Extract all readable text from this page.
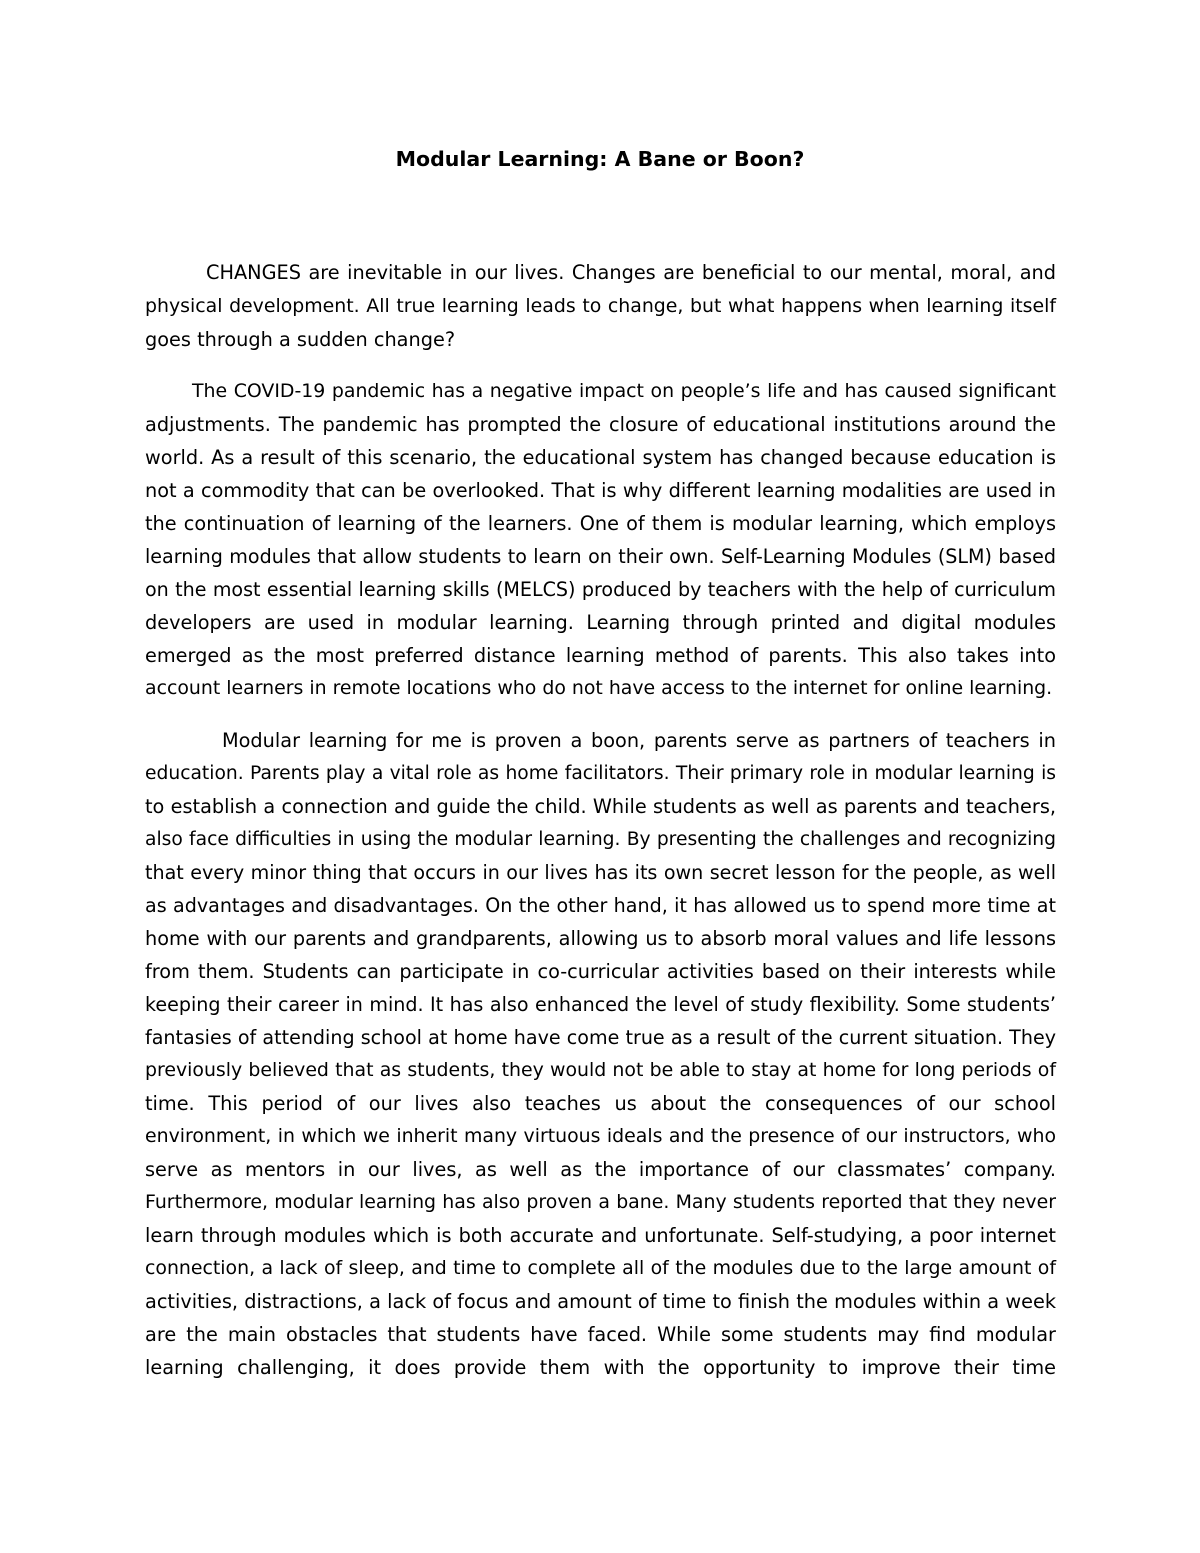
Modular Learning: A Bane or Boon?

CHANGES are inevitable in our lives. Changes are beneficial to our mental, moral, and

physical development. All true learning leads to change, but what happens when learning itself

goes through a sudden change?

The COVID-19 pandemic has a negative impact on people’s life and has caused significant

adjustments. The pandemic has prompted the closure of educational institutions around the

world. As a result of this scenario, the educational system has changed because education is

not a commodity that can be overlooked. That is why different learning modalities are used in

the continuation of learning of the learners. One of them is modular learning, which employs

learning modules that allow students to learn on their own. Self-Learning Modules (SLM) based

on the most essential learning skills (MELCS) produced by teachers with the help of curriculum

developers are used in modular learning. Learning through printed and digital modules

emerged as the most preferred distance learning method of parents. This also takes into

account learners in remote locations who do not have access to the internet for online learning.

Modular learning for me is proven a boon, parents serve as partners of teachers in

education. Parents play a vital role as home facilitators. Their primary role in modular learning is

to establish a connection and guide the child. While students as well as parents and teachers,

also face difficulties in using the modular learning. By presenting the challenges and recognizing

that every minor thing that occurs in our lives has its own secret lesson for the people, as well

as advantages and disadvantages. On the other hand, it has allowed us to spend more time at

home with our parents and grandparents, allowing us to absorb moral values and life lessons

from them. Students can participate in co-curricular activities based on their interests while

keeping their career in mind. It has also enhanced the level of study flexibility. Some students’

fantasies of attending school at home have come true as a result of the current situation. They

previously believed that as students, they would not be able to stay at home for long periods of

time. This period of our lives also teaches us about the consequences of our school

environment, in which we inherit many virtuous ideals and the presence of our instructors, who

serve as mentors in our lives, as well as the importance of our classmates’ company.

Furthermore, modular learning has also proven a bane. Many students reported that they never

learn through modules which is both accurate and unfortunate. Self-studying, a poor internet

connection, a lack of sleep, and time to complete all of the modules due to the large amount of

activities, distractions, a lack of focus and amount of time to finish the modules within a week

are the main obstacles that students have faced. While some students may find modular

learning challenging, it does provide them with the opportunity to improve their time
